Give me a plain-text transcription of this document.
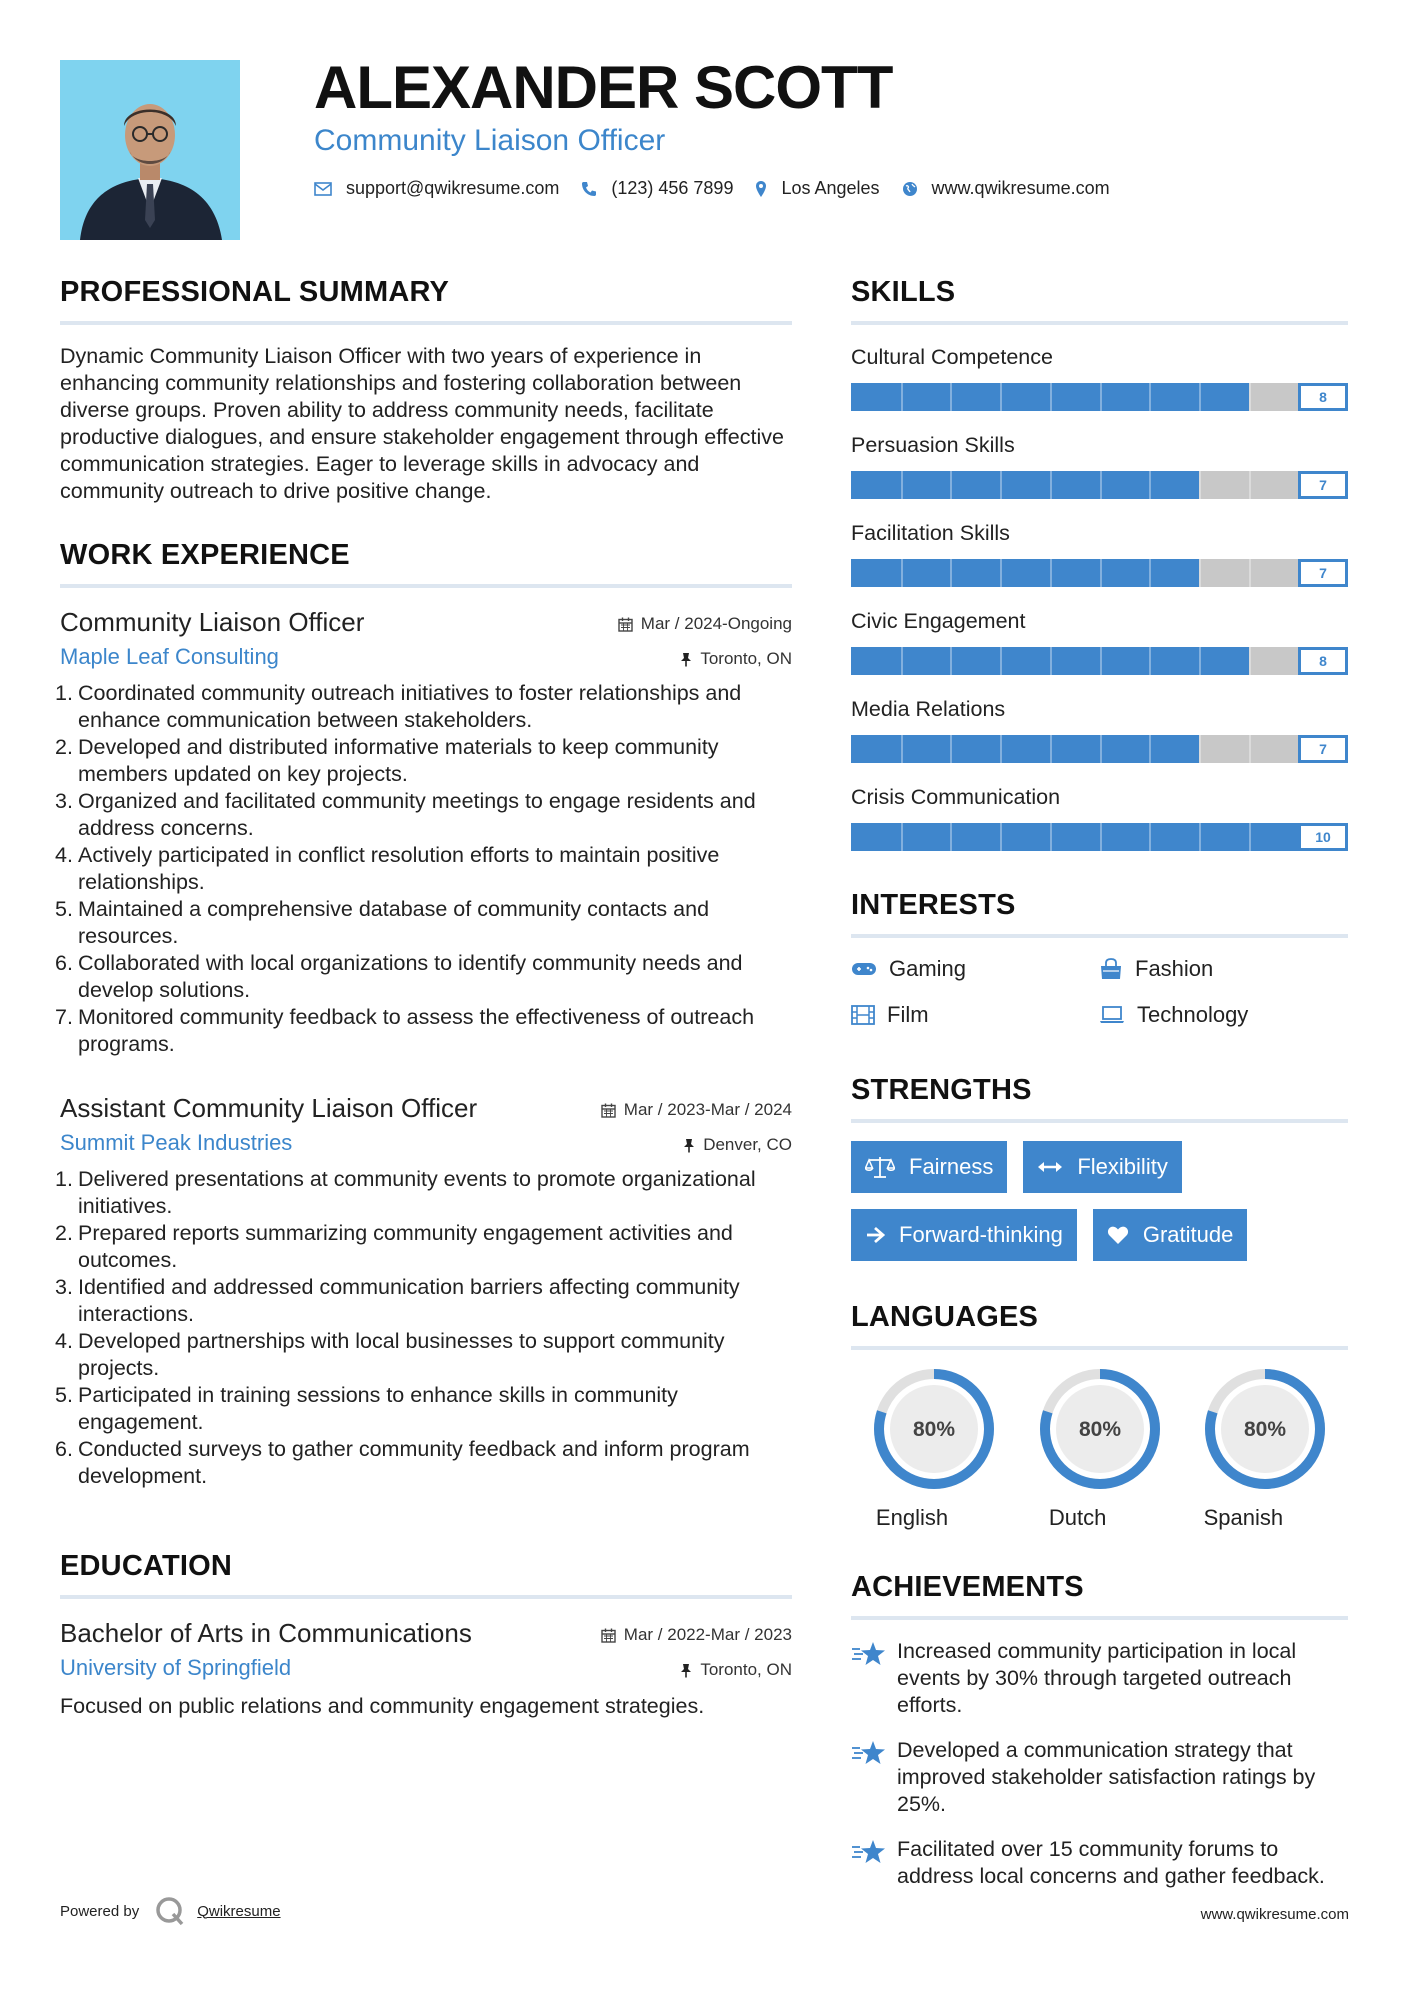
ALEXANDER SCOTT
Community Liaison Officer
support@qwikresume.com	(123) 456 7899	Los Angeles	www.qwikresume.com
PROFESSIONAL SUMMARY

Dynamic Community Liaison Officer with two years of experience in enhancing community relationships and fostering collaboration between diverse groups. Proven ability to address community needs, facilitate productive dialogues, and ensure stakeholder engagement through effective communication strategies. Eager to leverage skills in advocacy and community outreach to drive positive change.

WORK EXPERIENCE
Community Liaison Officer
Maple Leaf Consulting
Mar / 2024-Ongoing
Toronto, ON
1. Coordinated community outreach initiatives to foster relationships and enhance communication between stakeholders.
2. Developed and distributed informative materials to keep community members updated on key projects.
3. Organized and facilitated community meetings to engage residents and address concerns.
4. Actively participated in conflict resolution efforts to maintain positive relationships.
5. Maintained a comprehensive database of community contacts and resources.
6. Collaborated with local organizations to identify community needs and develop solutions.
7. Monitored community feedback to assess the effectiveness of outreach programs.
Assistant Community Liaison Officer
Summit Peak Industries
Mar / 2023-Mar / 2024
Denver, CO
1. Delivered presentations at community events to promote organizational initiatives.
2. Prepared reports summarizing community engagement activities and outcomes.
3. Identified and addressed communication barriers affecting community interactions.
4. Developed partnerships with local businesses to support community projects.
5. Participated in training sessions to enhance skills in community engagement.
6. Conducted surveys to gather community feedback and inform program development.
EDUCATION
Bachelor of Arts in Communications
University of Springfield
Mar / 2022-Mar / 2023
Toronto, ON

Focused on public relations and community engagement strategies.

SKILLS
Cultural Competence
8
Persuasion Skills
7
Facilitation Skills
7
Civic Engagement
8
Media Relations
7
Crisis Communication
10
INTERESTS
Gaming	Fashion
Film	Technology
STRENGTHS
Fairness	Flexibility
Forward-thinking	Gratitude
LANGUAGES
80%
English
80%
Dutch
80%
Spanish
ACHIEVEMENTS
Increased community participation in local events by 30% through targeted outreach efforts.
Developed a communication strategy that improved stakeholder satisfaction ratings by 25%.
Facilitated over 15 community forums to address local concerns and gather feedback.
Powered by	Qwikresume	www.qwikresume.com
